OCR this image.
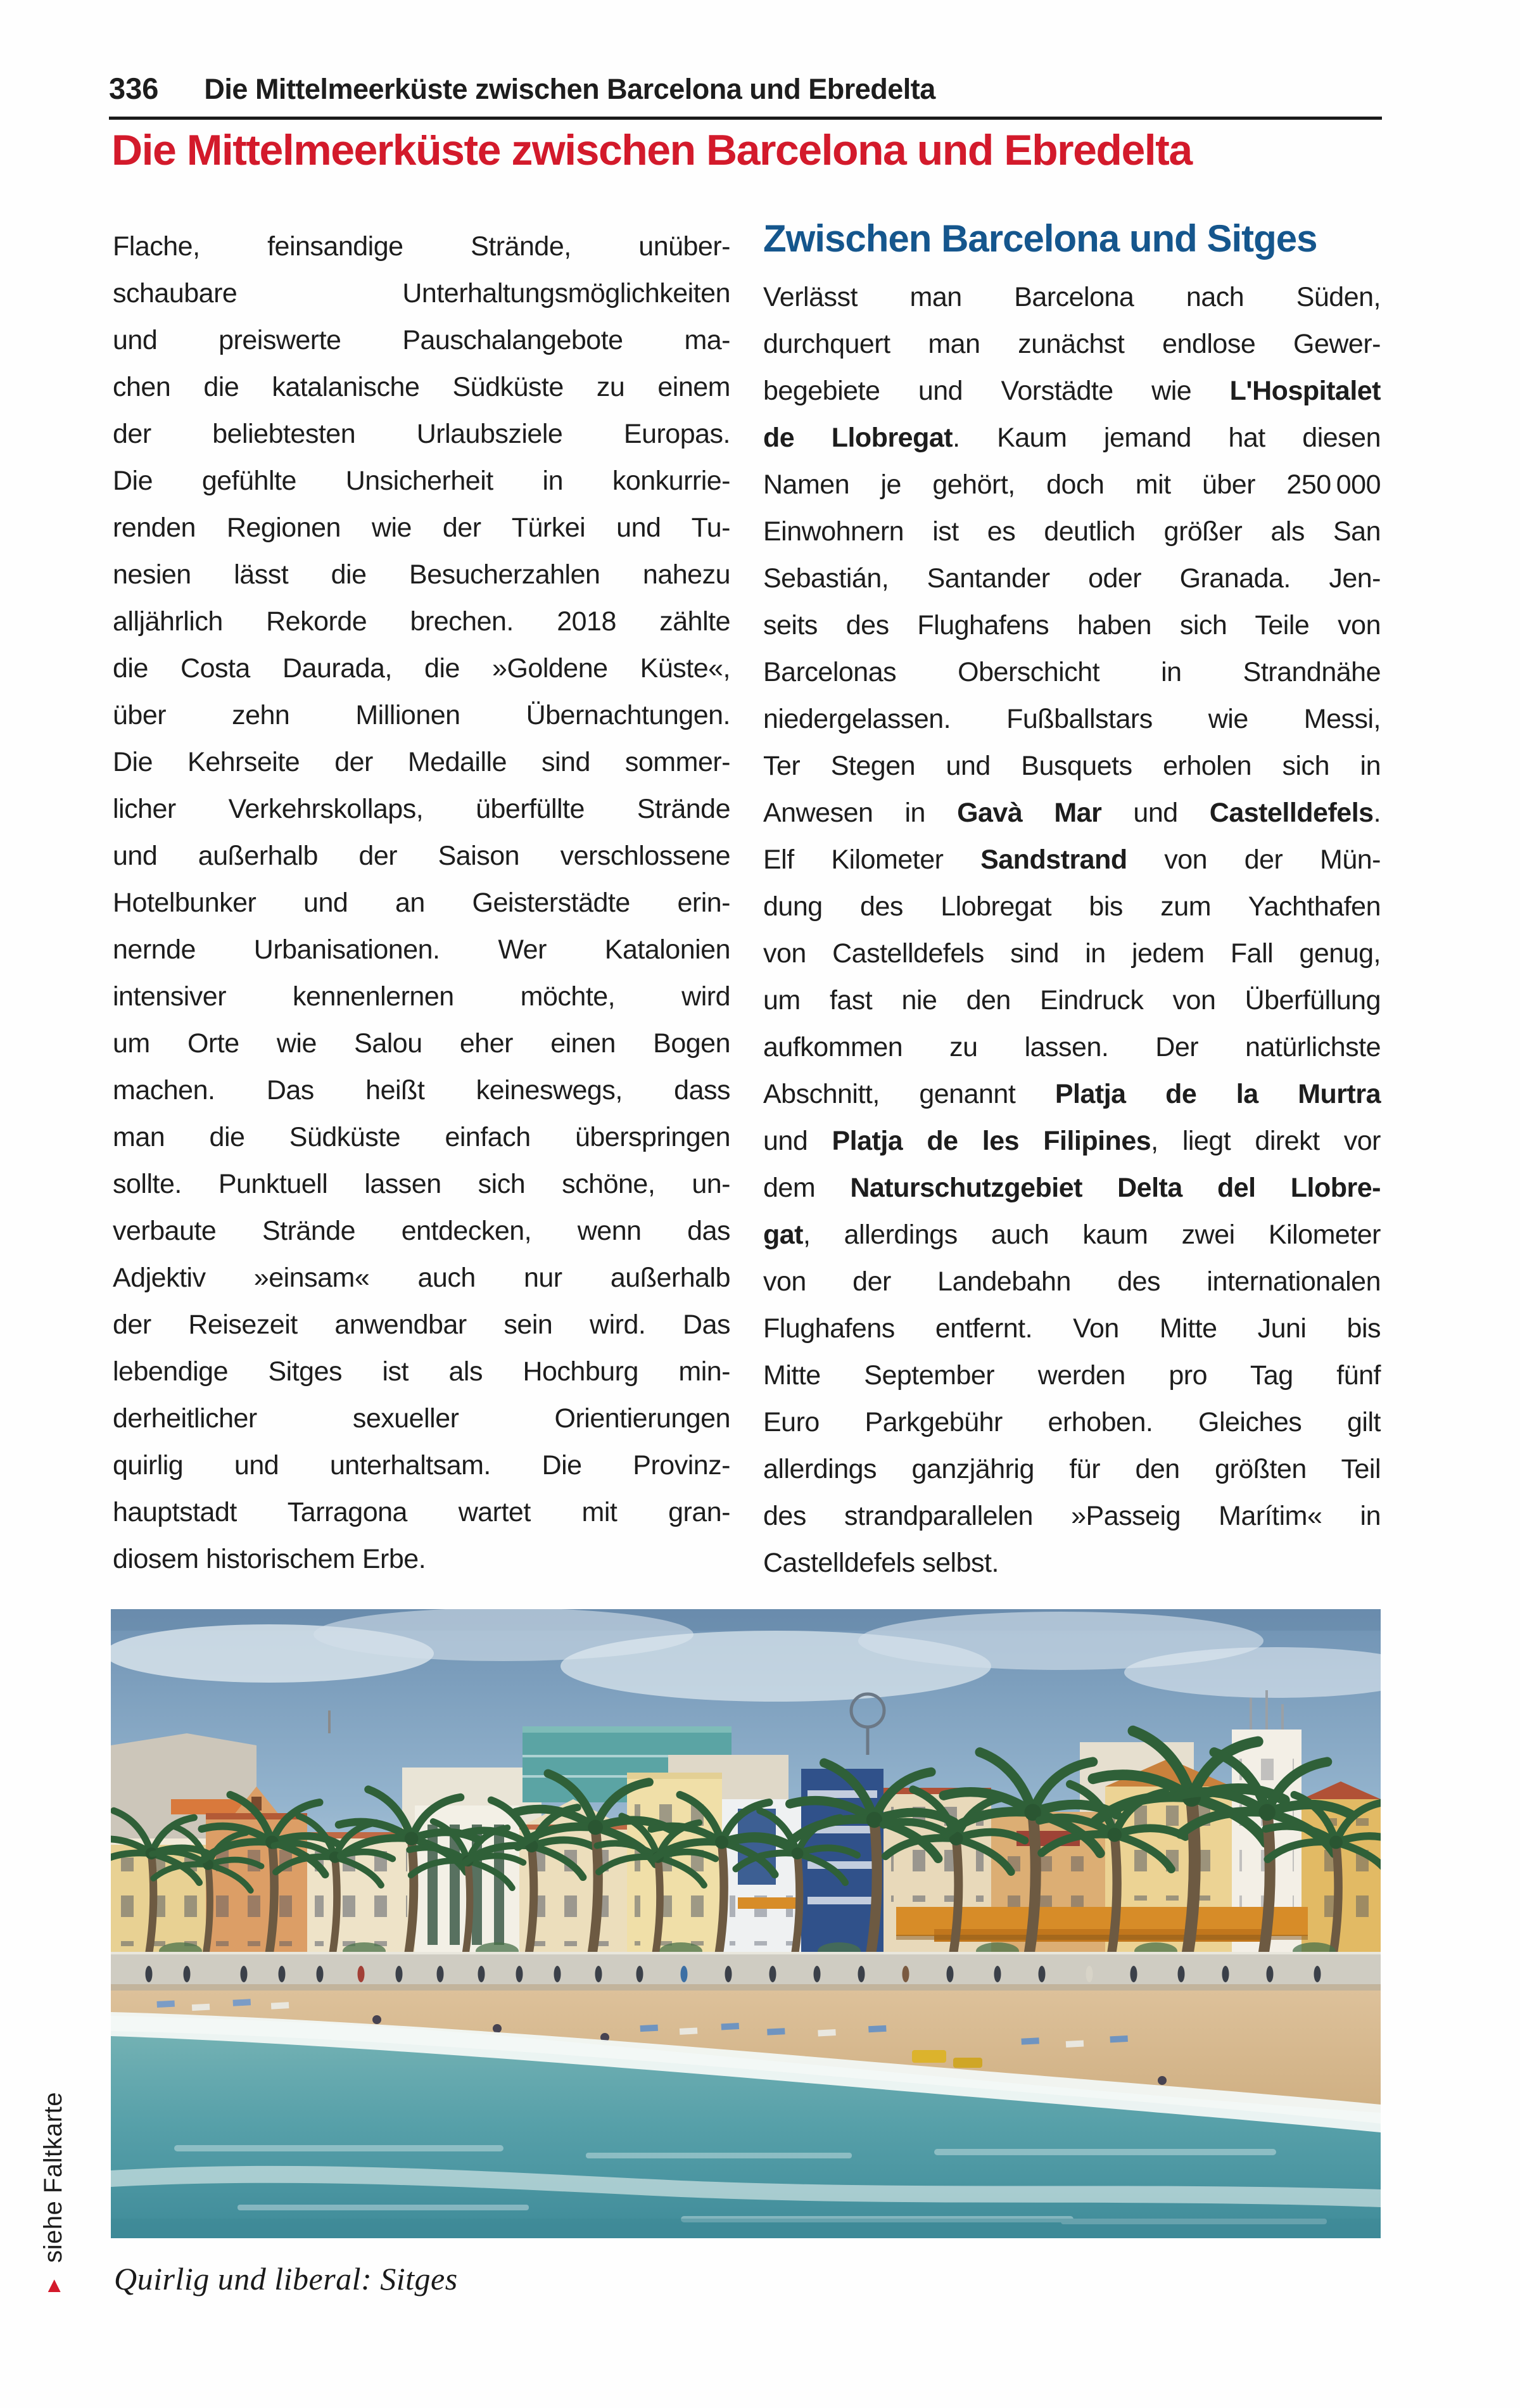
336 Die Mittelmeerküste zwischen Barcelona und Ebredelta
Die Mittelmeerküste zwischen Barcelona und Ebredelta
Flache, feinsandige Strände, unüber-
schaubare Unterhaltungsmöglichkeiten
und preiswerte Pauschalangebote ma-
chen die katalanische Südküste zu einem
der beliebtesten Urlaubsziele Europas.
Die gefühlte Unsicherheit in konkurrie-
renden Regionen wie der Türkei und Tu-
nesien lässt die Besucherzahlen nahezu
alljährlich Rekorde brechen. 2018 zählte
die Costa Daurada, die »Goldene Küste«,
über zehn Millionen Übernachtungen.
Die Kehrseite der Medaille sind sommer-
licher Verkehrskollaps, überfüllte Strände
und außerhalb der Saison verschlossene
Hotelbunker und an Geisterstädte erin-
nernde Urbanisationen. Wer Katalonien
intensiver kennenlernen möchte, wird
um Orte wie Salou eher einen Bogen
machen. Das heißt keineswegs, dass
man die Südküste einfach überspringen
sollte. Punktuell lassen sich schöne, un-
verbaute Strände entdecken, wenn das
Adjektiv »einsam« auch nur außerhalb
der Reisezeit anwendbar sein wird. Das
lebendige Sitges ist als Hochburg min-
derheitlicher sexueller Orientierungen
quirlig und unterhaltsam. Die Provinz-
hauptstadt Tarragona wartet mit gran-
diosem historischem Erbe.
Zwischen Barcelona und Sitges
Verlässt man Barcelona nach Süden,
durchquert man zunächst endlose Gewer-
begebiete und Vorstädte wie L'Hospitalet
de Llobregat. Kaum jemand hat diesen
Namen je gehört, doch mit über 250 000
Einwohnern ist es deutlich größer als San
Sebastián, Santander oder Granada. Jen-
seits des Flughafens haben sich Teile von
Barcelonas Oberschicht in Strandnähe
niedergelassen. Fußballstars wie Messi,
Ter Stegen und Busquets erholen sich in
Anwesen in Gavà Mar und Castelldefels.
Elf Kilometer Sandstrand von der Mün-
dung des Llobregat bis zum Yachthafen
von Castelldefels sind in jedem Fall genug,
um fast nie den Eindruck von Überfüllung
aufkommen zu lassen. Der natürlichste
Abschnitt, genannt Platja de la Murtra
und Platja de les Filipines, liegt direkt vor
dem Naturschutzgebiet Delta del Llobre-
gat, allerdings auch kaum zwei Kilometer
von der Landebahn des internationalen
Flughafens entfernt. Von Mitte Juni bis
Mitte September werden pro Tag fünf
Euro Parkgebühr erhoben. Gleiches gilt
allerdings ganzjährig für den größten Teil
des strandparallelen »Passeig Marítim« in
Castelldefels selbst.
Quirlig und liberal: Sitges
▲siehe Faltkarte
